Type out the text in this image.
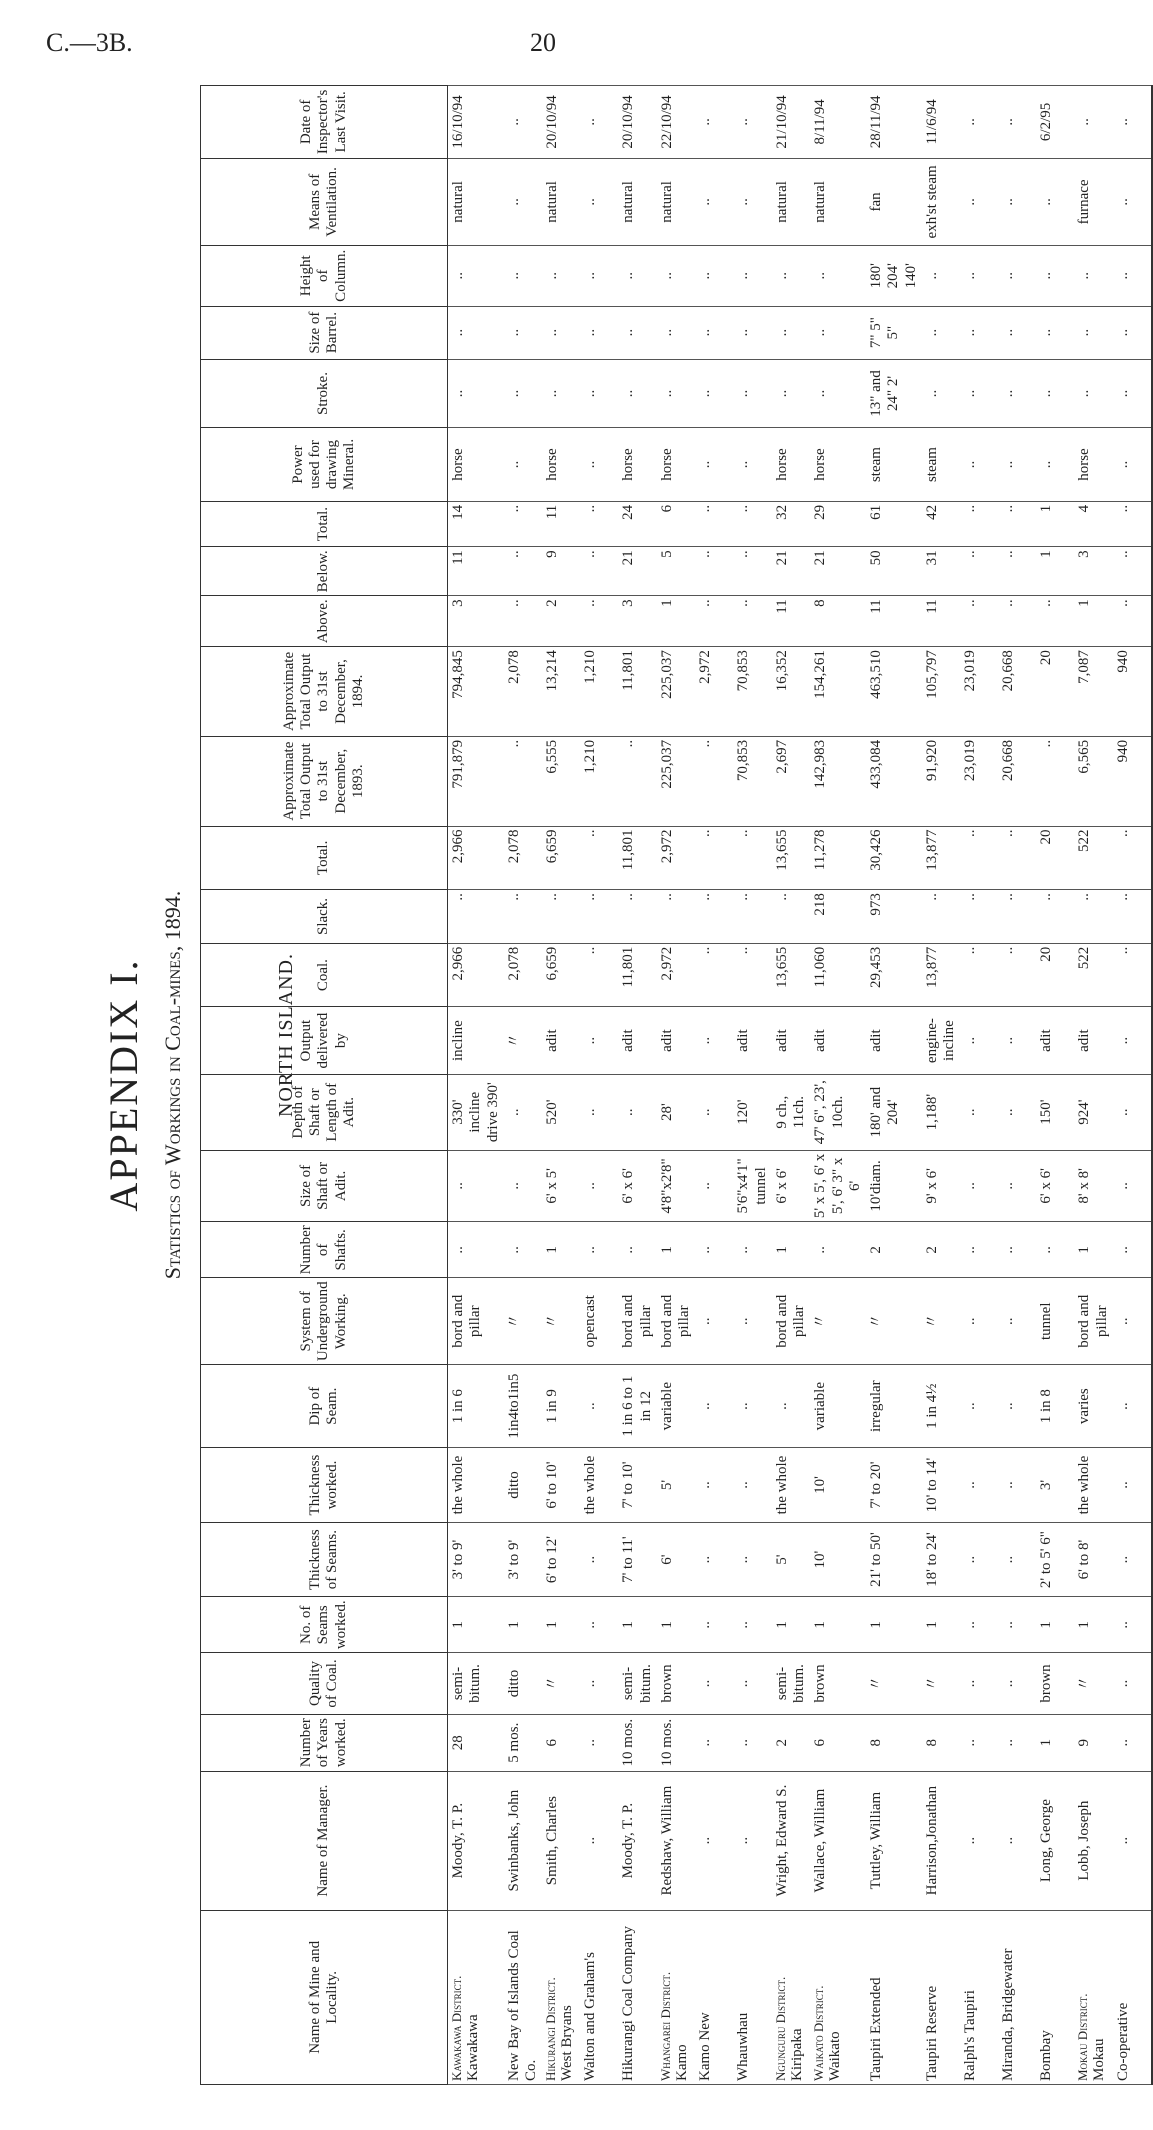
C.—3B.	20
APPENDIX I. Statistics of Workings in Coal-mines, 1894.	NORTH ISLAND.
Name of Mine and Locality.	Name of Manager.	Number of Years worked.	Quality of Coal.	No. of Seams worked.	Thickness of Seams.	Thickness worked.	Dip of Seam.	System of Underground Working.	Number of Shafts.	Size of Shaft or Adit.	Depth of Shaft or Length of Adit.	Output delivered by	Coal.	Slack.	Total.	Approximate Total Output to 31st December, 1893.	Approximate Total Output to 31st December, 1894.	Above.	Below.	Total.	Power used for drawing Mineral.	Stroke.	Size of Barrel.	Height of Column.	Means of Ventilation.	Date of Inspector's Last Visit.

Kawakawa District. Kawakawa	Moody, T. P.	28	semi-bitum.	1	3' to 9'	the whole	1 in 6	bord and pillar	..	..	330' incline drive 390'	incline	2,966	..	2,966	791,879	794,845	3	11	14	horse	..	..	..	natural	16/10/94
New Bay of Islands Coal Co.	Swinbanks, John	5 mos.	ditto	1	3' to 9'	ditto	1in4to1in5	〃	..	..	..	〃	2,078	..	2,078	..	2,078	..	..	..	..	..	..	..	..	..

Hikurangi District. West Bryans	Smith, Charles	6	〃	1	6' to 12'	6' to 10'	1 in 9	〃	1	6' x 5'	520'	adit	6,659	..	6,659	6,555	13,214	2	9	11	horse	..	..	..	natural	20/10/94
Walton and Graham's	..	..	..	..	..	the whole	..	opencast	..	..	..	..	..	..	..	1,210	1,210	..	..	..	..	..	..	..	..	..
Hikurangi Coal Company	Moody, T. P.	10 mos.	semi-bitum.	1	7' to 11'	7' to 10'	1 in 6 to 1 in 12	bord and pillar	..	6' x 6'	..	adit	11,801	..	11,801	..	11,801	3	21	24	horse	..	..	..	natural	20/10/94

Whangarei District. Kamo	Redshaw, William	10 mos.	brown	1	6'	5'	variable	bord and pillar	1	4'8"x2'8"	28'	adit	2,972	..	2,972	225,037	225,037	1	5	6	horse	..	..	..	natural	22/10/94
Kamo New	..	..	..	..	..	..	..	..	..	..	..	..	..	..	..	..	2,972	..	..	..	..	..	..	..	..	..
Whauwhau	..	..	..	..	..	..	..	..	..	5'6"x4'1" tunnel	120'	adit	..	..	..	70,853	70,853	..	..	..	..	..	..	..	..	..

Ngunguru District. Kiripaka	Wright, Edward S.	2	semi-bitum.	1	5'	the whole	..	bord and pillar	1	6' x 6'	9 ch., 11ch.	adit	13,655	..	13,655	2,697	16,352	11	21	32	horse	..	..	..	natural	21/10/94

Waikato District. Waikato	Wallace, William	6	brown	1	10'	10'	variable	〃	..	5' x 5', 6' x 5', 6' 3" x 6'	47' 6", 23', 10ch.	adit	11,060	218	11,278	142,983	154,261	8	21	29	horse	..	..	..	natural	8/11/94
Taupiri Extended	Tuttley, William	8	〃	1	21' to 50'	7' to 20'	irregular	〃	2	10'diam.	180' and 204'	adit	29,453	973	30,426	433,084	463,510	11	50	61	steam	13" and 24" 2'	7" 5" 5"	180' 204' 140'	fan	28/11/94
Taupiri Reserve	Harrison,Jonathan	8	〃	1	18' to 24'	10' to 14'	1 in 4½	〃	2	9' x 6'	1,188'	engine-incline	13,877	..	13,877	91,920	105,797	11	31	42	steam	..	..	..	exh'st steam	11/6/94
Ralph's Taupiri	..	..	..	..	..	..	..	..	..	..	..	..	..	..	..	23,019	23,019	..	..	..	..	..	..	..	..	..
Miranda, Bridgewater	..	..	..	..	..	..	..	..	..	..	..	..	..	..	..	20,668	20,668	..	..	..	..	..	..	..	..	..
Bombay	Long, George	1	brown	1	2' to 5' 6"	3'	1 in 8	tunnel	..	6' x 6'	150'	adit	20	..	20	..	20	..	1	1	..	..	..	..	..	6/2/95

Mokau District. Mokau	Lobb, Joseph	9	〃	1	6' to 8'	the whole	varies	bord and pillar	1	8' x 8'	924'	adit	522	..	522	6,565	7,087	1	3	4	horse	..	..	..	furnace	..
Co-operative	..	..	..	..	..	..	..	..	..	..	..	..	..	..	..	940	940	..	..	..	..	..	..	..	..	..
